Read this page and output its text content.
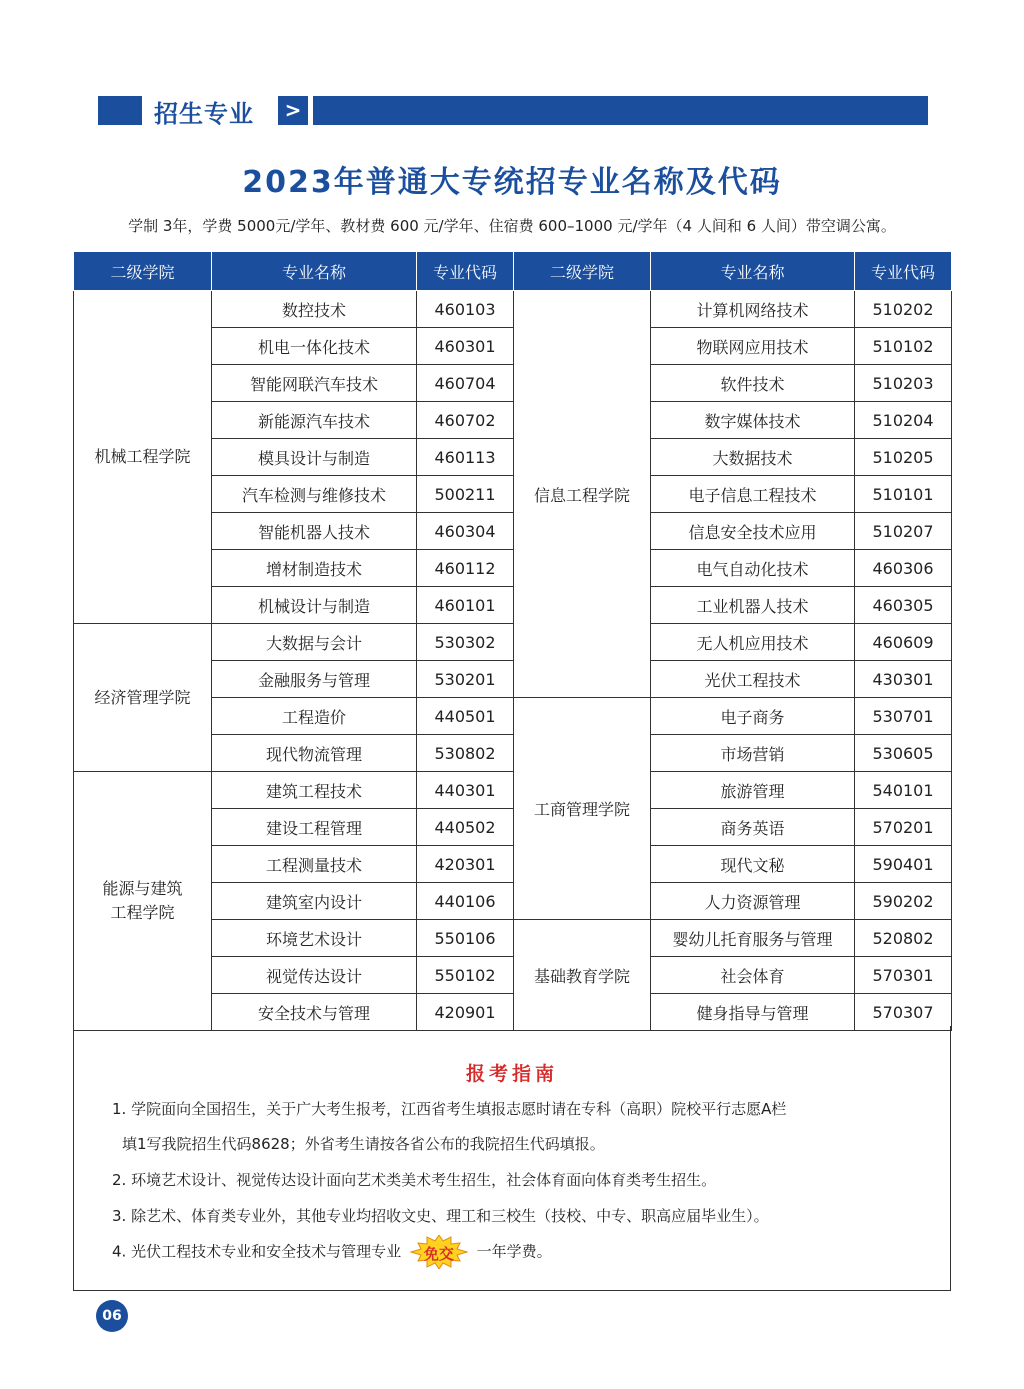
招生专业	>
2023年普通大专统招专业名称及代码
学制 3年，学费 5000元/学年、教材费 600 元/学年、住宿费 600–1000 元/学年（4 人间和 6 人间）带空调公寓。
二级学院	专业名称	专业代码	二级学院	专业名称	专业代码
机械工程学院	数控技术	460103	信息工程学院	计算机网络技术	510202
	机电一体化技术	460301		物联网应用技术	510102
	智能网联汽车技术	460704		软件技术	510203
	新能源汽车技术	460702		数字媒体技术	510204
	模具设计与制造	460113		大数据技术	510205
	汽车检测与维修技术	500211		电子信息工程技术	510101
	智能机器人技术	460304		信息安全技术应用	510207
	增材制造技术	460112		电气自动化技术	460306
	机械设计与制造	460101		工业机器人技术	460305
经济管理学院	大数据与会计	530302		无人机应用技术	460609
	金融服务与管理	530201		光伏工程技术	430301
	工程造价	440501	工商管理学院	电子商务	530701
	现代物流管理	530802		市场营销	530605
能源与建筑
工程学院	建筑工程技术	440301		旅游管理	540101
	建设工程管理	440502		商务英语	570201
	工程测量技术	420301		现代文秘	590401
	建筑室内设计	440106		人力资源管理	590202
	环境艺术设计	550106	基础教育学院	婴幼儿托育服务与管理	520802
	视觉传达设计	550102		社会体育	570301
	安全技术与管理	420901		健身指导与管理	570307
报考指南
1. 学院面向全国招生，关于广大考生报考，江西省考生填报志愿时请在专科（高职）院校平行志愿A栏
填1写我院招生代码8628；外省考生请按各省公布的我院招生代码填报。
2. 环境艺术设计、视觉传达设计面向艺术类美术考生招生，社会体育面向体育类考生招生。
3. 除艺术、体育类专业外，其他专业均招收文史、理工和三校生（技校、中专、职高应届毕业生）。
4. 光伏工程技术专业和安全技术与管理专业	免交	一年学费。
06
